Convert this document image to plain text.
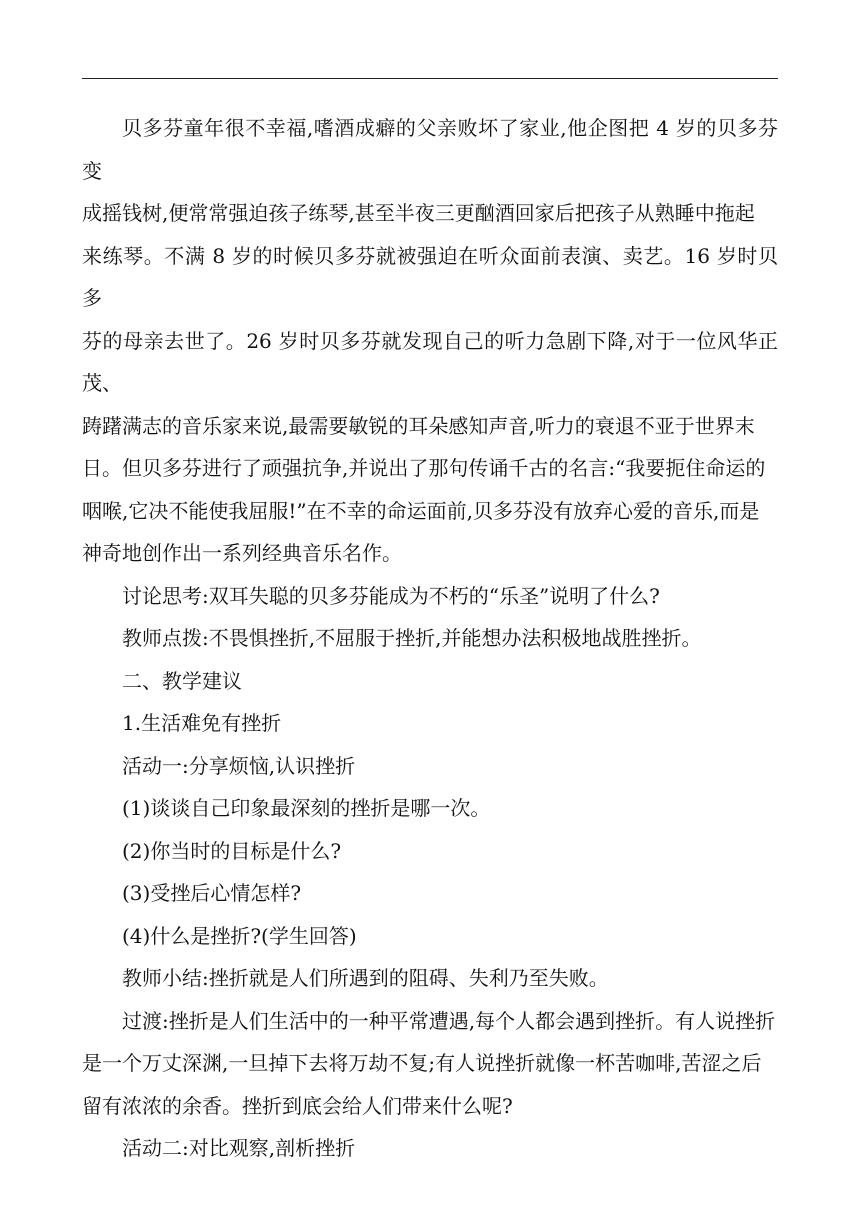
贝多芬童年很不幸福,嗜酒成癖的父亲败坏了家业,他企图把 4 岁的贝多芬变
成摇钱树,便常常强迫孩子练琴,甚至半夜三更酗酒回家后把孩子从熟睡中拖起
来练琴。不满 8 岁的时候贝多芬就被强迫在听众面前表演、卖艺。16 岁时贝多
芬的母亲去世了。26 岁时贝多芬就发现自己的听力急剧下降,对于一位风华正茂、
踌躇满志的音乐家来说,最需要敏锐的耳朵感知声音,听力的衰退不亚于世界末
日。但贝多芬进行了顽强抗争,并说出了那句传诵千古的名言:“我要扼住命运的
咽喉,它决不能使我屈服!”在不幸的命运面前,贝多芬没有放弃心爱的音乐,而是
神奇地创作出一系列经典音乐名作。

讨论思考:双耳失聪的贝多芬能成为不朽的“乐圣”说明了什么?

教师点拨:不畏惧挫折,不屈服于挫折,并能想办法积极地战胜挫折。

二、教学建议

1.生活难免有挫折

活动一:分享烦恼,认识挫折

(1)谈谈自己印象最深刻的挫折是哪一次。

(2)你当时的目标是什么?

(3)受挫后心情怎样?

(4)什么是挫折?(学生回答)

教师小结:挫折就是人们所遇到的阻碍、失利乃至失败。

过渡:挫折是人们生活中的一种平常遭遇,每个人都会遇到挫折。有人说挫折
是一个万丈深渊,一旦掉下去将万劫不复;有人说挫折就像一杯苦咖啡,苦涩之后
留有浓浓的余香。挫折到底会给人们带来什么呢?

活动二:对比观察,剖析挫折
